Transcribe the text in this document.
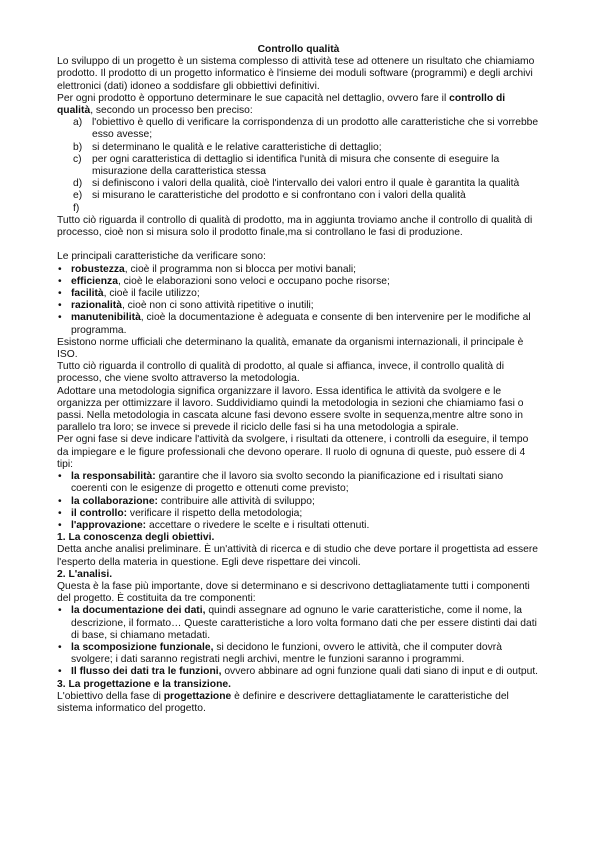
Controllo qualità

Lo sviluppo di un progetto è un sistema complesso di attività tese ad ottenere un risultato che chiamiamo prodotto. Il prodotto di un progetto informatico è l'insieme dei moduli software (programmi) e degli archivi elettronici (dati) idoneo a soddisfare gli obbiettivi definitivi.

Per ogni prodotto è opportuno determinare le sue capacità nel dettaglio, ovvero fare il controllo di qualità, secondo un processo ben preciso:

a) l'obiettivo è quello di verificare la corrispondenza di un prodotto alle caratteristiche che si vorrebbe esso avesse;
b) si determinano le qualità e le relative caratteristiche di dettaglio;
c) per ogni caratteristica di dettaglio si identifica l'unità di misura che consente di eseguire la misurazione della caratteristica stessa
d) si definiscono i valori della qualità, cioè l'intervallo dei valori entro il quale è garantita la qualità
e) si misurano le caratteristiche del prodotto e si confrontano con i valori della qualità
f)

Tutto ciò riguarda il controllo di qualità di prodotto, ma in aggiunta troviamo anche il controllo di qualità di processo, cioè non si misura solo il prodotto finale,ma si controllano le fasi di produzione.

Le principali caratteristiche da verificare sono:

• robustezza, cioè il programma non si blocca per motivi banali;
• efficienza, cioè le elaborazioni sono veloci e occupano poche risorse;
• facilità, cioè il facile utilizzo;
• razionalità, cioè non ci sono attività ripetitive o inutili;
• manutenibilità, cioè la documentazione è adeguata e consente di ben intervenire per le modifiche al programma.

Esistono norme ufficiali che determinano la qualità, emanate da organismi internazionali, il principale è ISO.

Tutto ciò riguarda il controllo di qualità di prodotto, al quale si affianca, invece, il controllo qualità di processo, che viene svolto attraverso la metodologia.

Adottare una metodologia significa organizzare il lavoro. Essa identifica le attività da svolgere e le organizza per ottimizzare il lavoro. Suddividiamo quindi la metodologia in sezioni che chiamiamo fasi o passi. Nella metodologia in cascata alcune fasi devono essere svolte in sequenza,mentre altre sono in parallelo tra loro; se invece si prevede il riciclo delle fasi si ha una metodologia a spirale.

Per ogni fase si deve indicare l'attività da svolgere, i risultati da ottenere, i controlli da eseguire, il tempo da impiegare e le figure professionali che devono operare. Il ruolo di ognuna di queste, può essere di 4 tipi:

• la responsabilità: garantire che il lavoro sia svolto secondo la pianificazione ed i risultati siano coerenti con le esigenze di progetto e ottenuti come previsto;
• la collaborazione: contribuire alle attività di sviluppo;
• il controllo: verificare il rispetto della metodologia;
• l'approvazione: accettare o rivedere le scelte e i risultati ottenuti.

1. La conoscenza degli obiettivi.

Detta anche analisi preliminare. È un'attività di ricerca e di studio che deve portare il progettista ad essere l'esperto della materia in questione. Egli deve rispettare dei vincoli.

2. L'analisi.

Questa è la fase più importante, dove si determinano e si descrivono dettagliatamente tutti i componenti del progetto. È costituita da tre componenti:

• la documentazione dei dati, quindi assegnare ad ognuno le varie caratteristiche, come il nome, la descrizione, il formato… Queste caratteristiche a loro volta formano dati che per essere distinti dai dati di base, si chiamano metadati.
• la scomposizione funzionale, si decidono le funzioni, ovvero le attività, che il computer dovrà svolgere; i dati saranno registrati negli archivi, mentre le funzioni saranno i programmi.
• Il flusso dei dati tra le funzioni, ovvero abbinare ad ogni funzione quali dati siano di input e di output.

3. La progettazione e la transizione.

L'obiettivo della fase di progettazione è definire e descrivere dettagliatamente le caratteristiche del sistema informatico del progetto.
